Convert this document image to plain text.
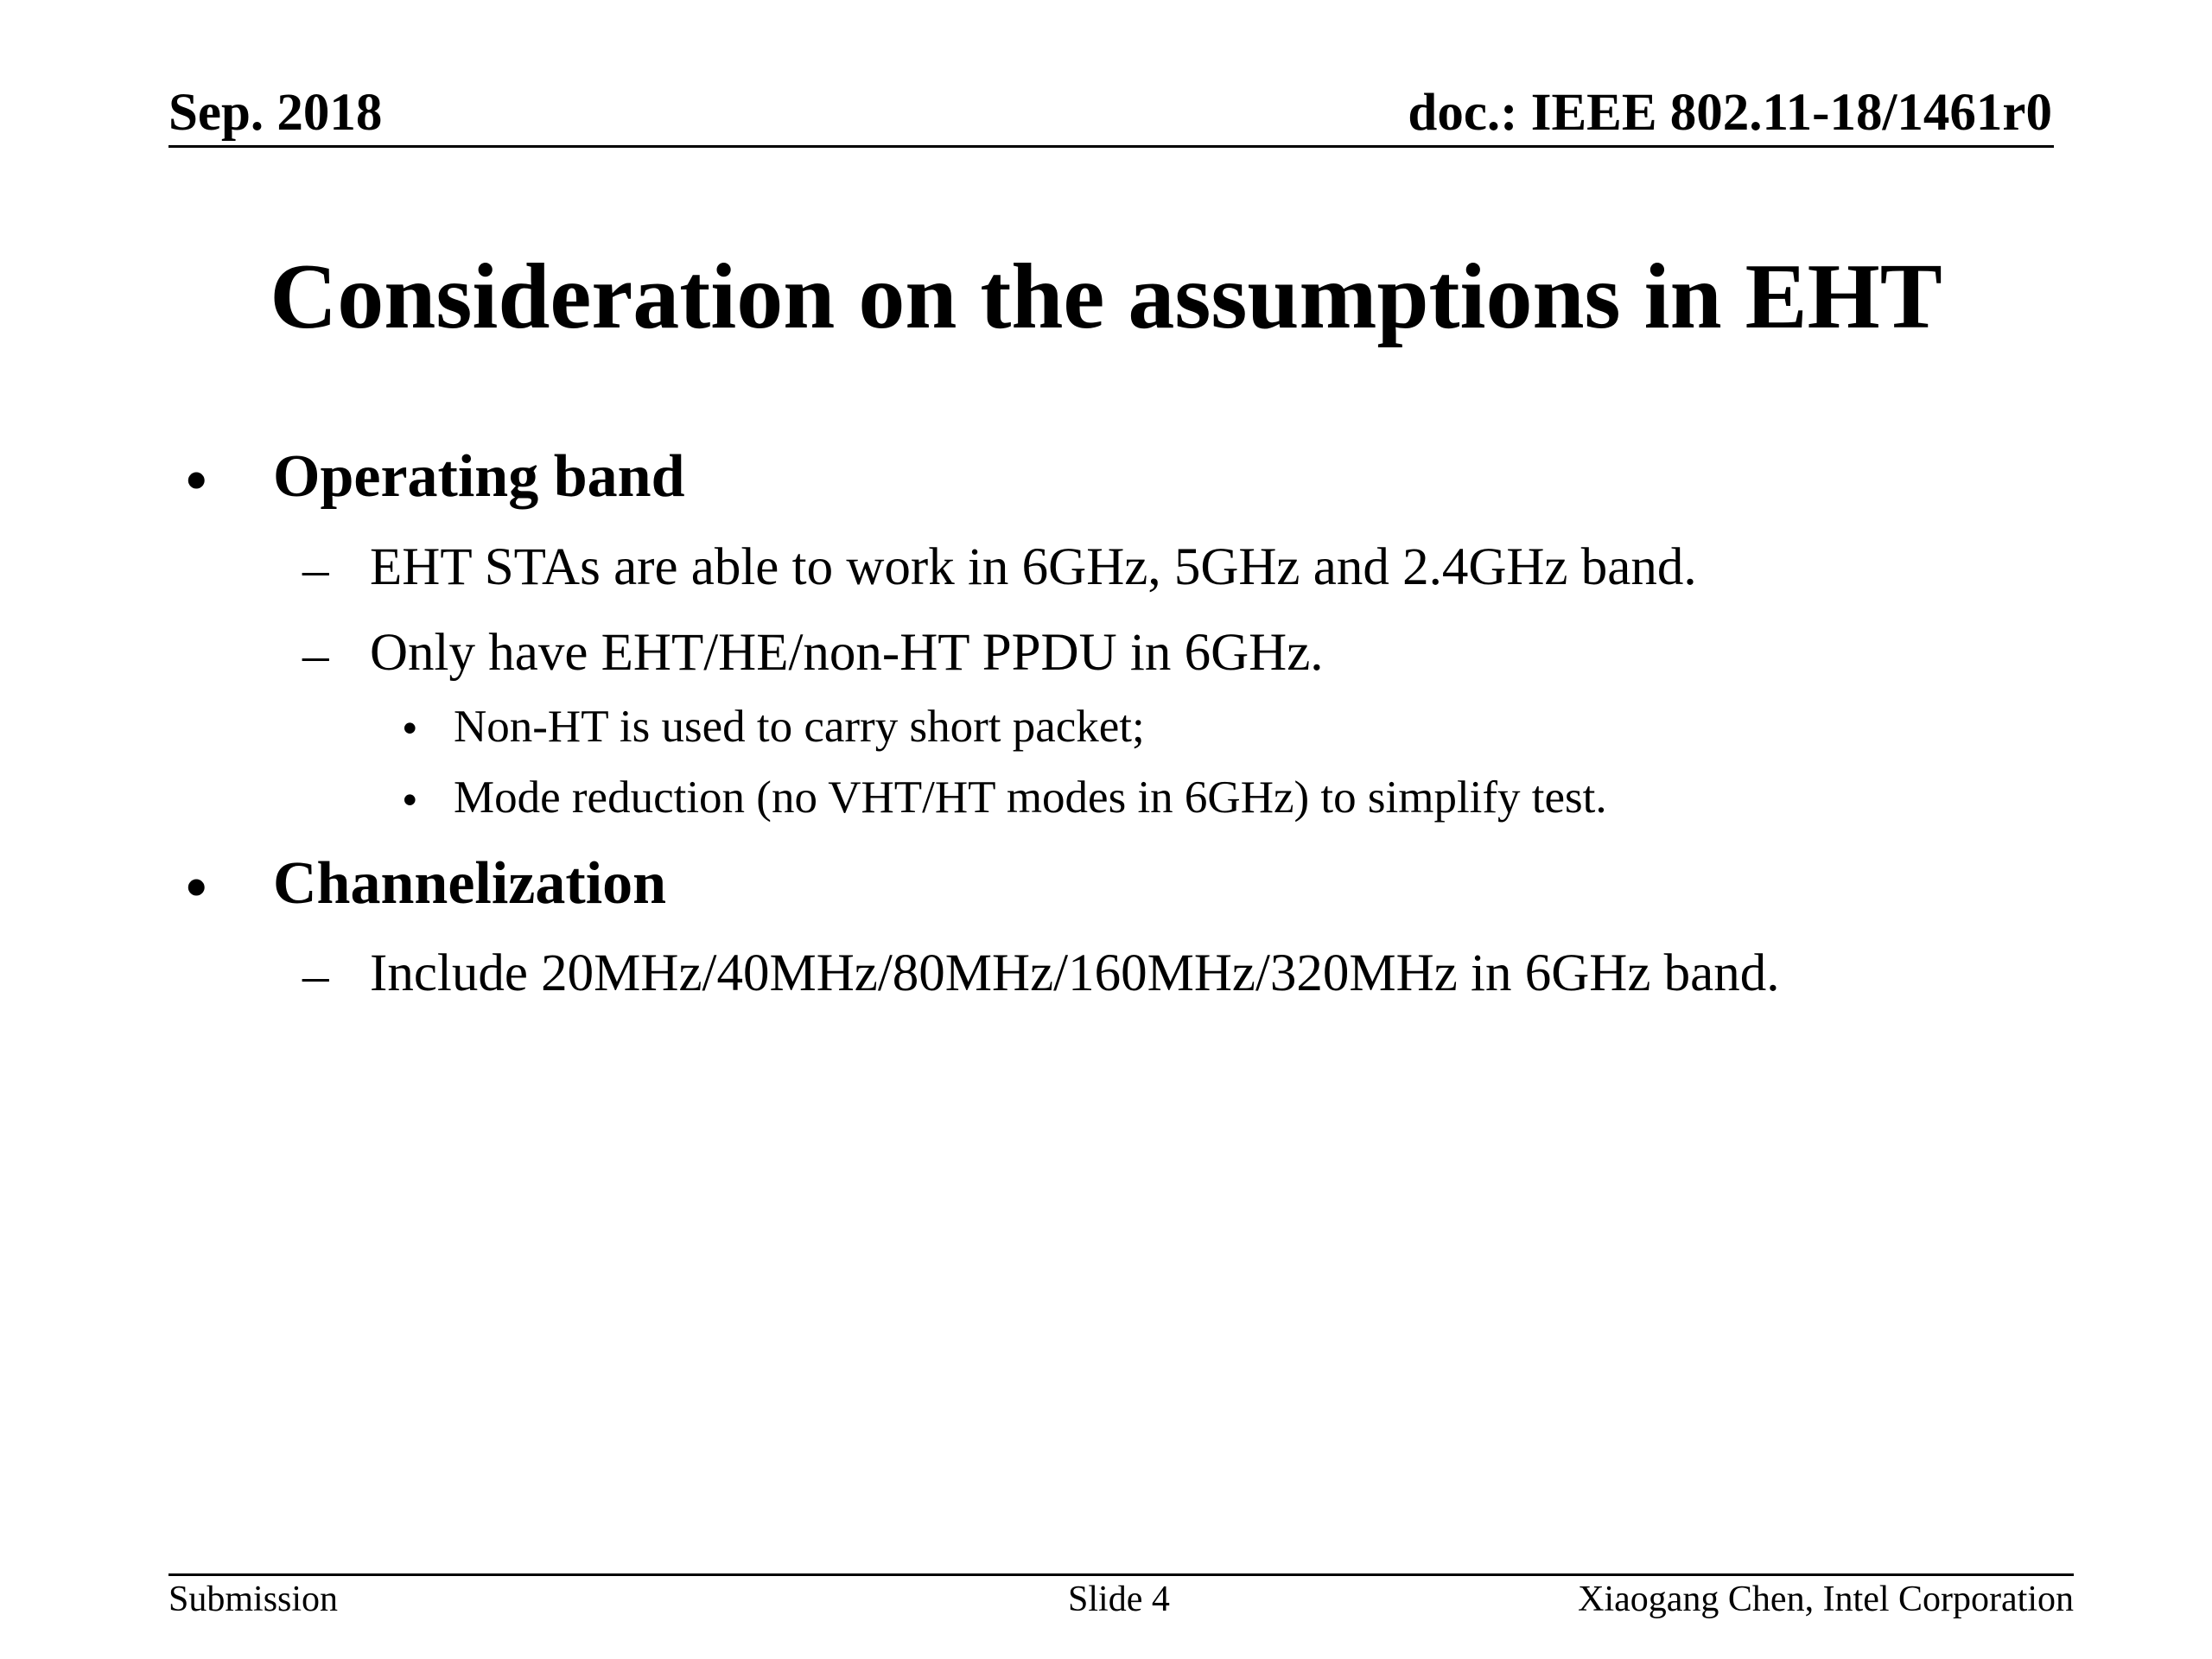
Sep. 2018	doc.: IEEE 802.11-18/1461r0
Consideration on the assumptions in EHT
• Operating band
– EHT STAs are able to work in 6GHz, 5GHz and 2.4GHz band.
– Only have EHT/HE/non-HT PPDU in 6GHz.
• Non-HT is used to carry short packet;
• Mode reduction (no VHT/HT modes in 6GHz) to simplify test.
• Channelization
– Include 20MHz/40MHz/80MHz/160MHz/320MHz in 6GHz band.
Submission	Slide 4	Xiaogang Chen, Intel Corporation
